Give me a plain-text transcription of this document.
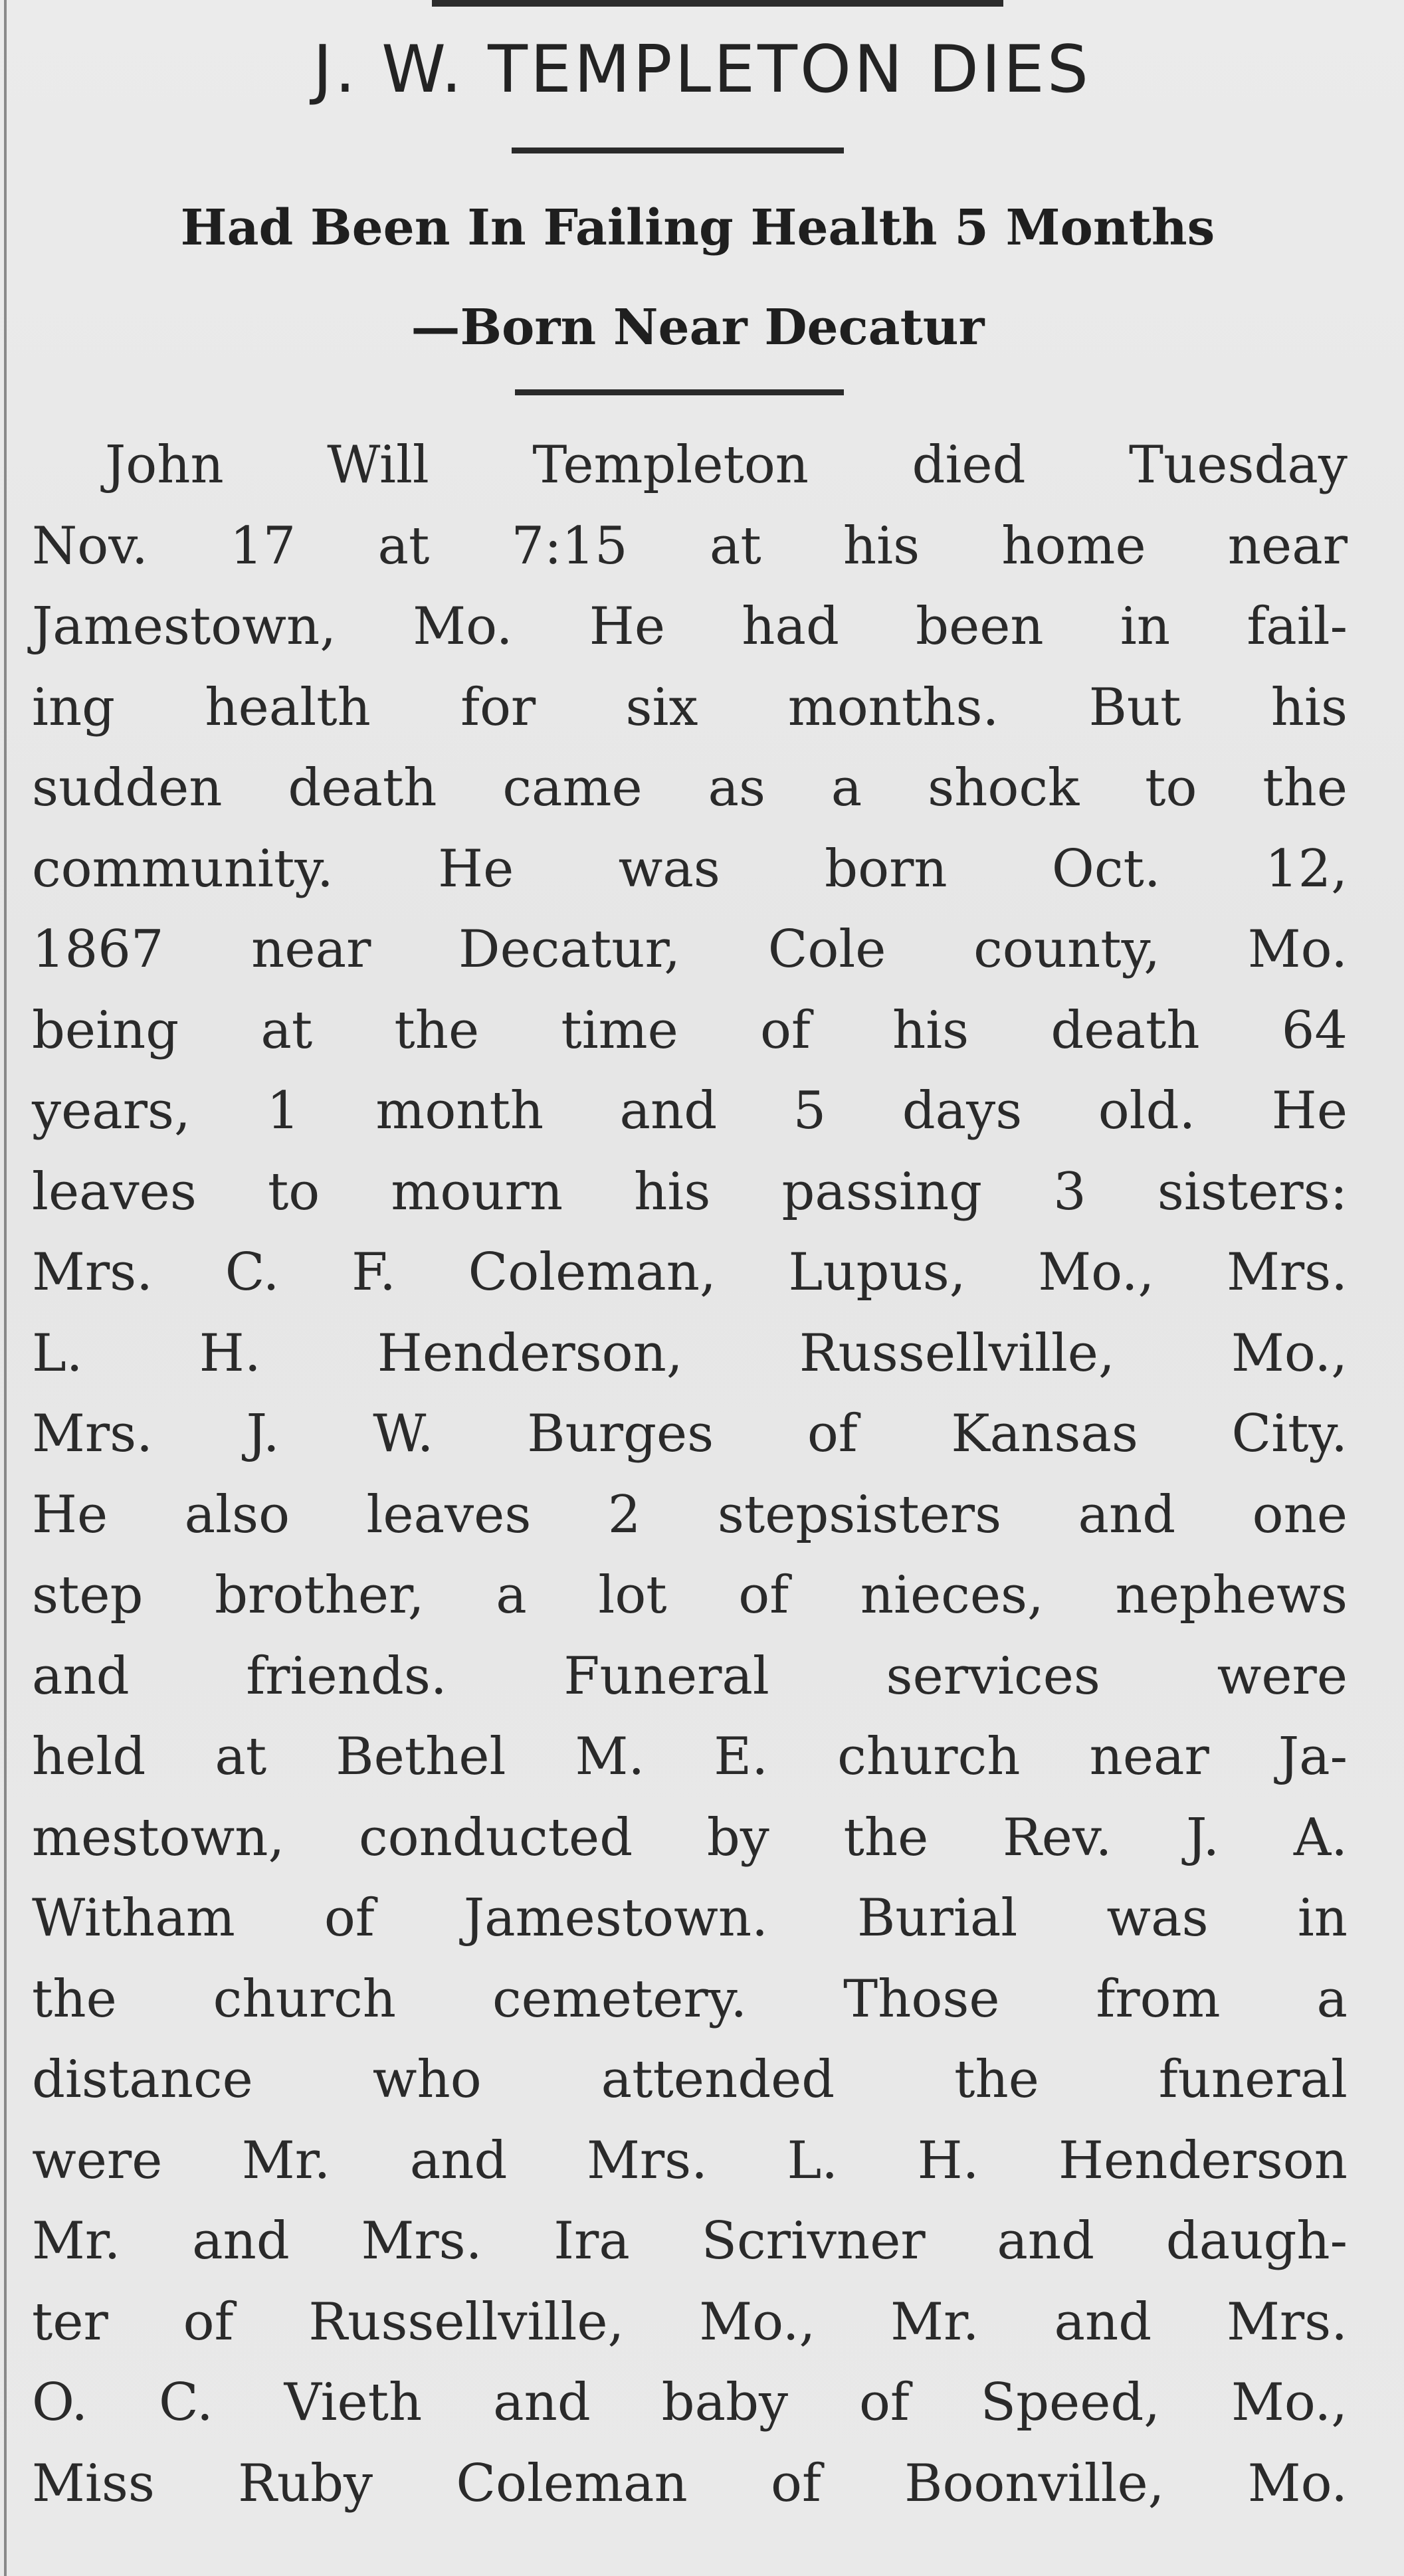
J. W. TEMPLETON DIES
Had Been In Failing Health 5 Months
—Born Near Decatur
John Will Templeton died Tuesday
Nov. 17 at 7:15 at his home near
Jamestown, Mo. He had been in fail-
ing health for six months. But his
sudden death came as a shock to the
community. He was born Oct. 12,
1867 near Decatur, Cole county, Mo.
being at the time of his death 64
years, 1 month and 5 days old. He
leaves to mourn his passing 3 sisters:
Mrs. C. F. Coleman, Lupus, Mo., Mrs.
L. H. Henderson, Russellville, Mo.,
Mrs. J. W. Burges of Kansas City.
He also leaves 2 stepsisters and one
step brother, a lot of nieces, nephews
and friends. Funeral services were
held at Bethel M. E. church near Ja-
mestown, conducted by the Rev. J. A.
Witham of Jamestown. Burial was in
the church cemetery. Those from a
distance who attended the funeral
were Mr. and Mrs. L. H. Henderson
Mr. and Mrs. Ira Scrivner and daugh-
ter of Russellville, Mo., Mr. and Mrs.
O. C. Vieth and baby of Speed, Mo.,
Miss Ruby Coleman of Boonville, Mo.
